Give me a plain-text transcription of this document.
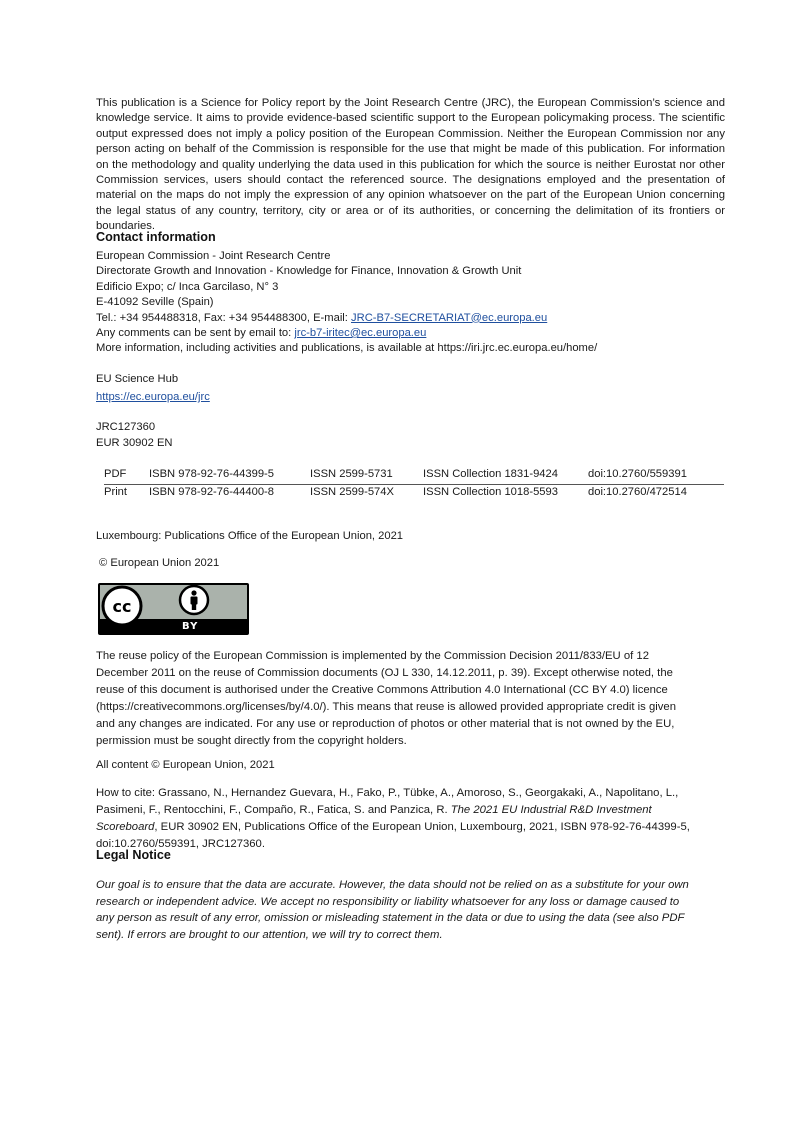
This publication is a Science for Policy report by the Joint Research Centre (JRC), the European Commission’s science and knowledge service. It aims to provide evidence-based scientific support to the European policymaking process. The scientific output expressed does not imply a policy position of the European Commission. Neither the European Commission nor any person acting on behalf of the Commission is responsible for the use that might be made of this publication. For information on the methodology and quality underlying the data used in this publication for which the source is neither Eurostat nor other Commission services, users should contact the referenced source. The designations employed and the presentation of material on the maps do not imply the expression of any opinion whatsoever on the part of the European Union concerning the legal status of any country, territory, city or area or of its authorities, or concerning the delimitation of its frontiers or boundaries.

Contact information
European Commission - Joint Research Centre
Directorate Growth and Innovation - Knowledge for Finance, Innovation & Growth Unit
Edificio Expo; c/ Inca Garcilaso, N° 3
E-41092 Seville (Spain)
Tel.: +34 954488318, Fax: +34 954488300, E-mail: JRC-B7-SECRETARIAT@ec.europa.eu
Any comments can be sent by email to: jrc-b7-iritec@ec.europa.eu
More information, including activities and publications, is available at https://iri.jrc.ec.europa.eu/home/
EU Science Hub
https://ec.europa.eu/jrc
JRC127360
EUR 30902 EN
PDF	ISBN 978-92-76-44399-5	ISSN 2599-5731	ISSN Collection 1831-9424	doi:10.2760/559391
Print	ISBN 978-92-76-44400-8	ISSN 2599-574X	ISSN Collection 1018-5593	doi:10.2760/472514
Luxembourg: Publications Office of the European Union, 2021
© European Union 2021
cc
BY

The reuse policy of the European Commission is implemented by the Commission Decision 2011/833/EU of 12 December 2011 on the reuse of Commission documents (OJ L 330, 14.12.2011, p. 39). Except otherwise noted, the reuse of this document is authorised under the Creative Commons Attribution 4.0 International (CC BY 4.0) licence (https://creativecommons.org/licenses/by/4.0/). This means that reuse is allowed provided appropriate credit is given and any changes are indicated. For any use or reproduction of photos or other material that is not owned by the EU, permission must be sought directly from the copyright holders.

All content © European Union, 2021

How to cite: Grassano, N., Hernandez Guevara, H., Fako, P., Tübke, A., Amoroso, S., Georgakaki, A., Napolitano, L., Pasimeni, F., Rentocchini, F., Compaño, R., Fatica, S. and Panzica, R. The 2021 EU Industrial R&D Investment Scoreboard, EUR 30902 EN, Publications Office of the European Union, Luxembourg, 2021, ISBN 978-92-76-44399-5, doi:10.2760/559391, JRC127360.

Legal Notice

Our goal is to ensure that the data are accurate. However, the data should not be relied on as a substitute for your own research or independent advice. We accept no responsibility or liability whatsoever for any loss or damage caused to any person as result of any error, omission or misleading statement in the data or due to using the data (see also PDF sent). If errors are brought to our attention, we will try to correct them.
